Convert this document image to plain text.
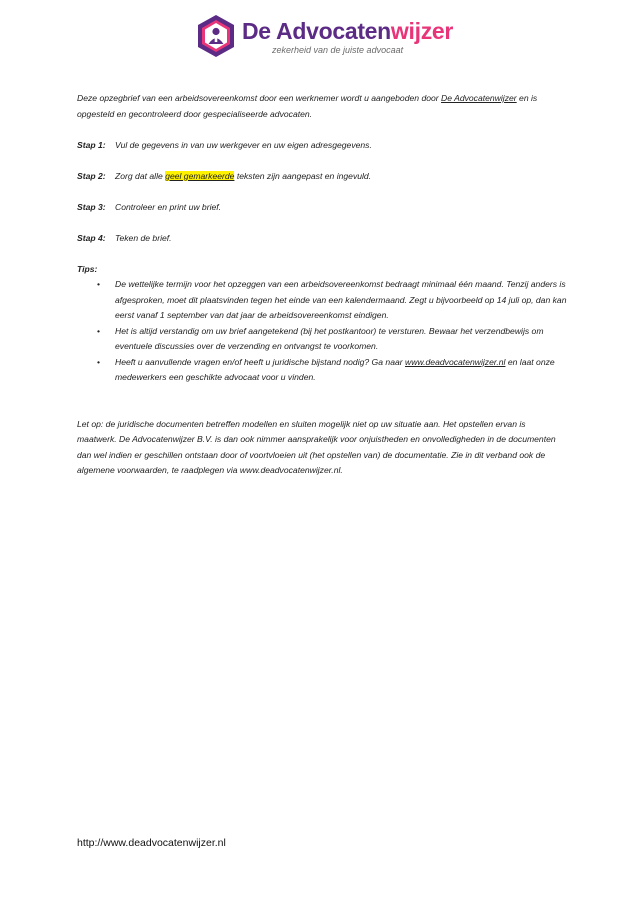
De Advocatenwijzer
zekerheid van de juiste advocaat

Deze opzegbrief van een arbeidsovereenkomst door een werknemer wordt u aangeboden door De Advocatenwijzer en is opgesteld en gecontroleerd door gespecialiseerde advocaten.

Stap 1:	Vul de gegevens in van uw werkgever en uw eigen adresgegevens.
Stap 2:	Zorg dat alle geel gemarkeerde teksten zijn aangepast en ingevuld.
Stap 3:	Controleer en print uw brief.
Stap 4:	Teken de brief.
Tips:
•	De wettelijke termijn voor het opzeggen van een arbeidsovereenkomst bedraagt minimaal één maand. Tenzij anders is afgesproken, moet dit plaatsvinden tegen het einde van een kalendermaand. Zegt u bijvoorbeeld op 14 juli op, dan kan eerst vanaf 1 september van dat jaar de arbeidsovereenkomst eindigen.
•	Het is altijd verstandig om uw brief aangetekend (bij het postkantoor) te versturen. Bewaar het verzendbewijs om eventuele discussies over de verzending en ontvangst te voorkomen.
•	Heeft u aanvullende vragen en/of heeft u juridische bijstand nodig? Ga naar www.deadvocatenwijzer.nl en laat onze medewerkers een geschikte advocaat voor u vinden.

Let op: de juridische documenten betreffen modellen en sluiten mogelijk niet op uw situatie aan. Het opstellen ervan is maatwerk. De Advocatenwijzer B.V. is dan ook nimmer aansprakelijk voor onjuistheden en onvolledigheden in de documenten dan wel indien er geschillen ontstaan door of voortvloeien uit (het opstellen van) de documentatie. Zie in dit verband ook de algemene voorwaarden, te raadplegen via www.deadvocatenwijzer.nl.

http://www.deadvocatenwijzer.nl
